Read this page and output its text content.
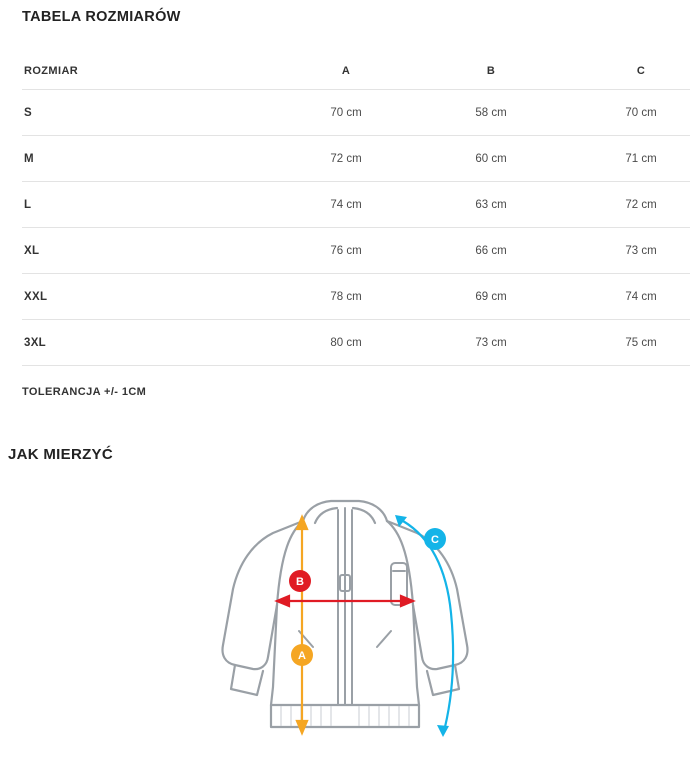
TABELA ROZMIARÓW
ROZMIAR	A	B	C
S	70 cm	58 cm	70 cm
M	72 cm	60 cm	71 cm
L	74 cm	63 cm	72 cm
XL	76 cm	66 cm	73 cm
XXL	78 cm	69 cm	74 cm
3XL	80 cm	73 cm	75 cm
TOLERANCJA +/- 1CM
JAK MIERZYĆ
A
B
C
